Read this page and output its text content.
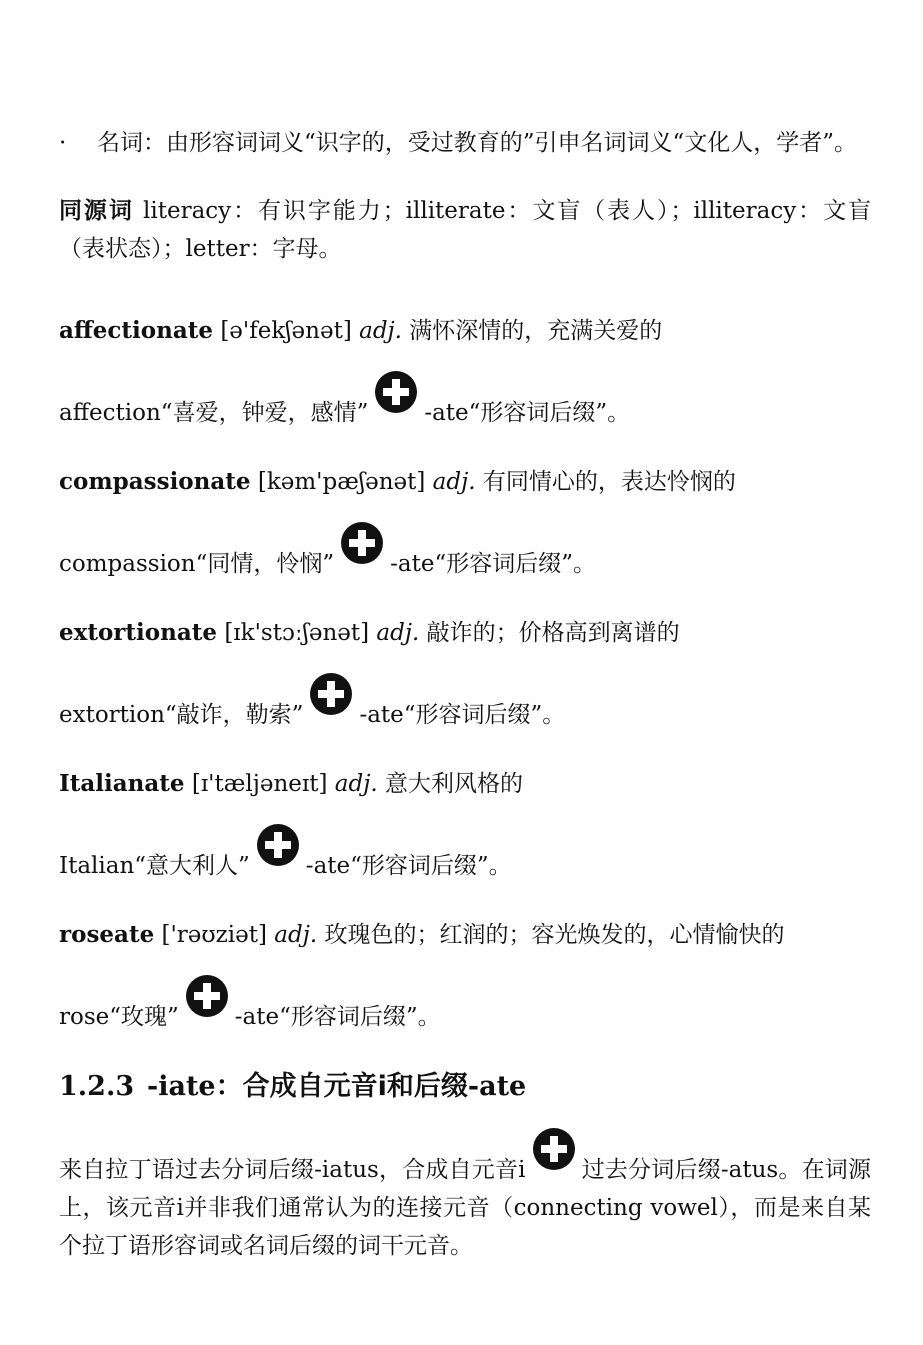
· 名词：由形容词词义“识字的，受过教育的”引申名词词义“文化人，学者”。

同源词 literacy：有识字能力；illiterate：文盲（表人）；illiteracy：文盲（表状态）；letter：字母。

affectionate [ə'fekʃənət] adj. 满怀深情的，充满关爱的

affection“喜爱，钟爱，感情” -ate“形容词后缀”。

compassionate [kəm'pæʃənət] adj. 有同情心的，表达怜悯的

compassion“同情，怜悯” -ate“形容词后缀”。

extortionate [ɪk'stɔːʃənət] adj. 敲诈的；价格高到离谱的

extortion“敲诈，勒索” -ate“形容词后缀”。

Italianate [ɪ'tæljəneɪt] adj. 意大利风格的

Italian“意大利人” -ate“形容词后缀”。

roseate ['rəʊziət] adj. 玫瑰色的；红润的；容光焕发的，心情愉快的

rose“玫瑰” -ate“形容词后缀”。

1.2.3 -iate：合成自元音i和后缀-ate

来自拉丁语过去分词后缀-iatus，合成自元音i 过去分词后缀-atus。在词源上，该元音i并非我们通常认为的连接元音（connecting vowel），而是来自某个拉丁语形容词或名词后缀的词干元音。
